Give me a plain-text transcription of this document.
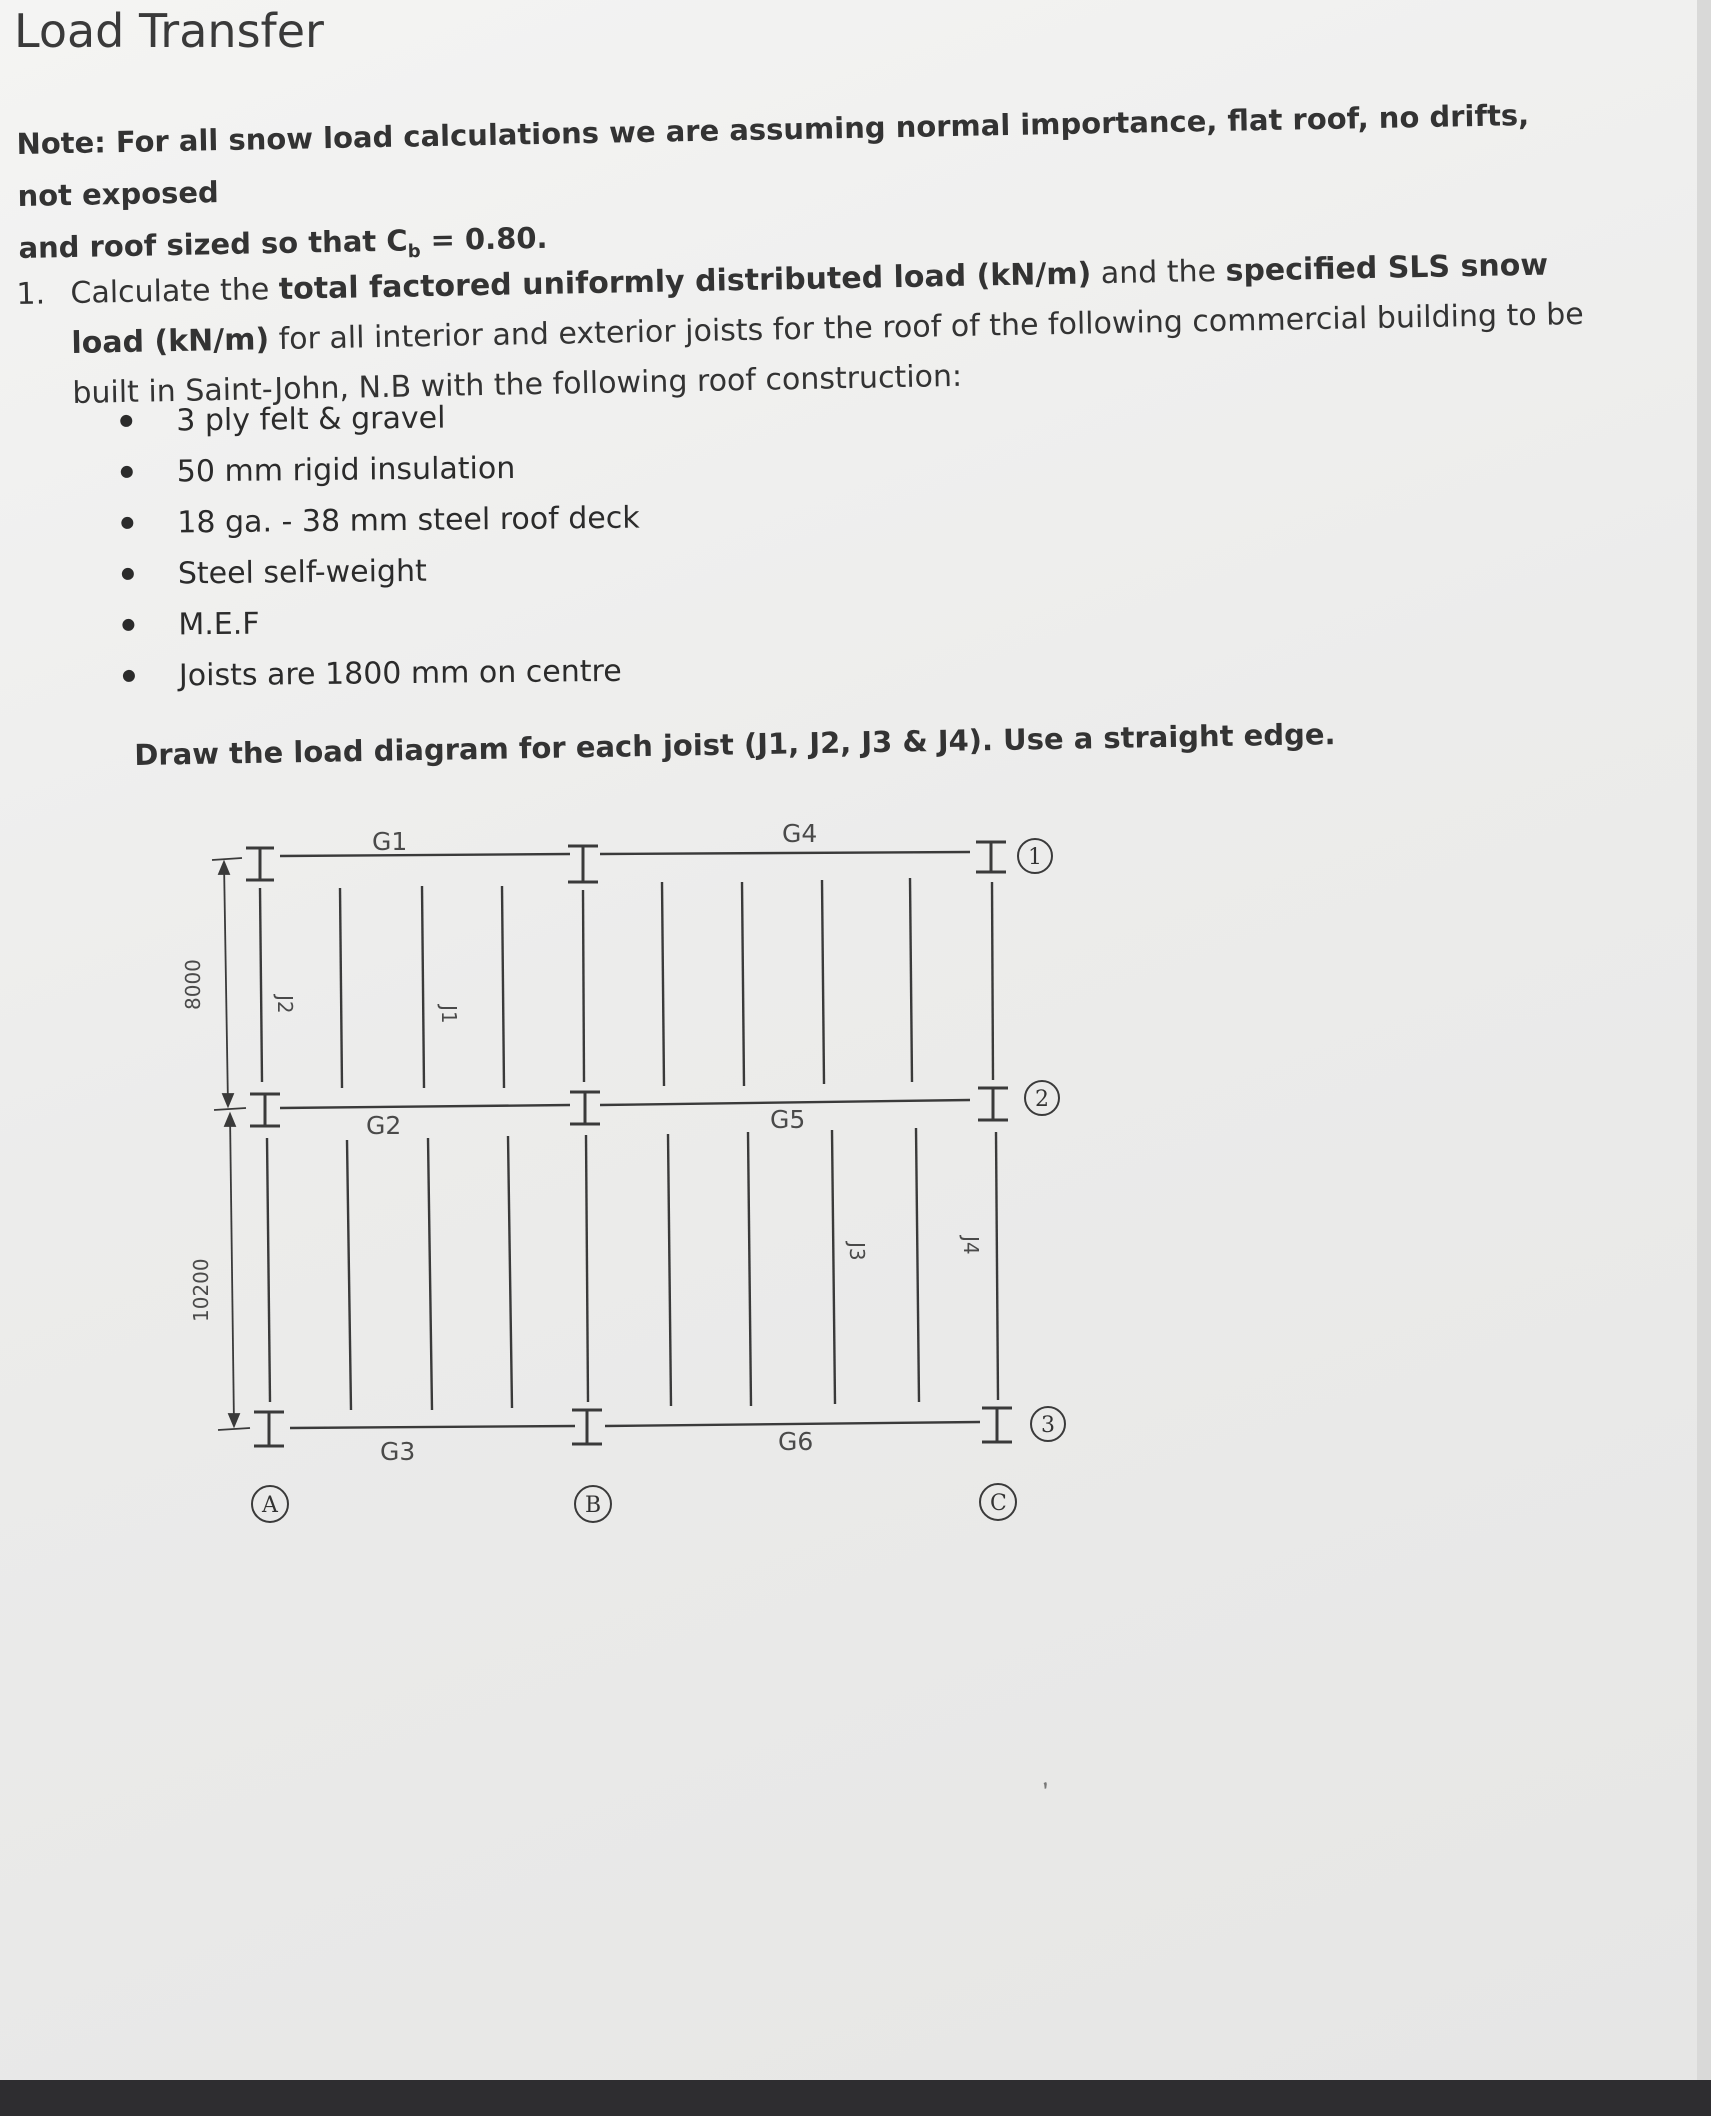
Load Transfer
Note: For all snow load calculations we are assuming normal importance, flat roof, no drifts, not exposed
and roof sized so that $C_b = 0.80$.
1. Calculate the total factored uniformly distributed load (kN/m) and the specified SLS snow load (kN/m) for all interior and exterior joists for the roof of the following commercial building to be built in Saint-John, N.B with the following roof construction:
3 ply felt & gravel
50 mm rigid insulation
18 ga. - 38 mm steel roof deck
Steel self-weight
M.E.F
Joists are 1800 mm on centre
Draw the load diagram for each joist (J1, J2, J3 & J4). Use a straight edge.
G1	G4
G2	G5
G3	G6
J1
J2
J3	J4
8000
10200
1
2
3
A	B	C
ʼ
